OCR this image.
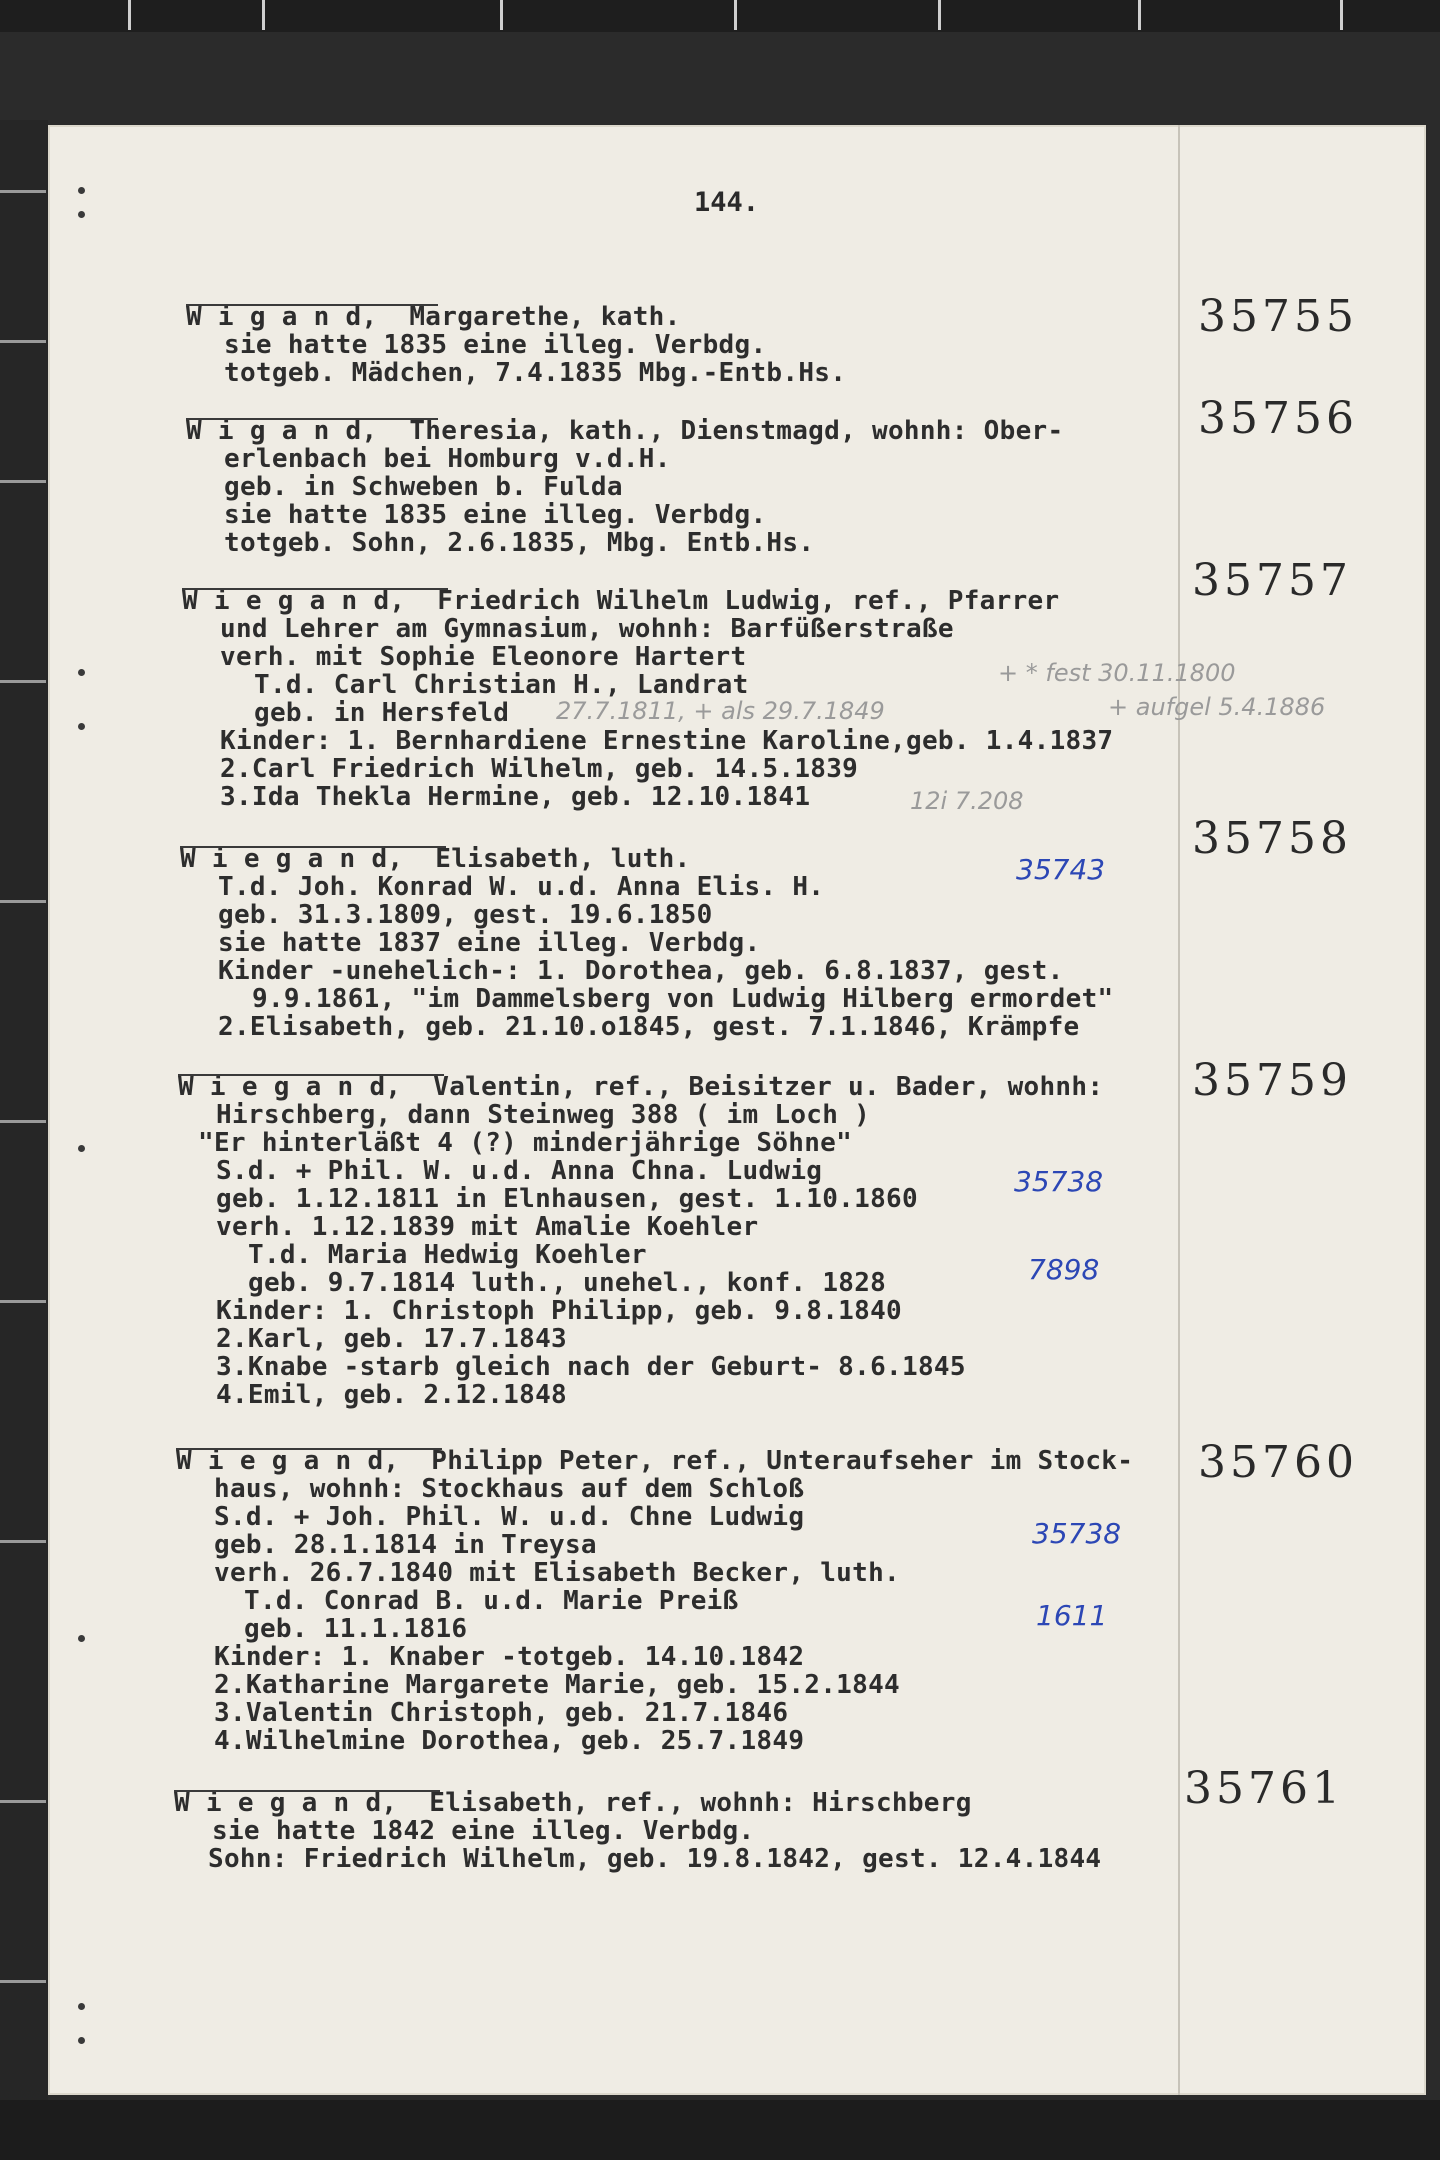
144.
W i g a n d,  Margarethe, kath.
sie hatte 1835 eine illeg. Verbdg.
totgeb. Mädchen, 7.4.1835 Mbg.-Entb.Hs.
35755
W i g a n d,  Theresia, kath., Dienstmagd, wohnh: Ober-
erlenbach bei Homburg v.d.H.
geb. in Schweben b. Fulda
sie hatte 1835 eine illeg. Verbdg.
totgeb. Sohn, 2.6.1835, Mbg. Entb.Hs.
35756
W i e g a n d,  Friedrich Wilhelm Ludwig, ref., Pfarrer
und Lehrer am Gymnasium, wohnh: Barfüßerstraße
verh. mit Sophie Eleonore Hartert
T.d. Carl Christian H., Landrat
geb. in Hersfeld
Kinder: 1. Bernhardiene Ernestine Karoline,geb. 1.4.1837
2.Carl Friedrich Wilhelm, geb. 14.5.1839
3.Ida Thekla Hermine, geb. 12.10.1841
27.7.1811, + als 29.7.1849
+ * fest 30.11.1800
+ aufgel 5.4.1886
12i 7.208
35757
W i e g a n d,  Elisabeth, luth.
T.d. Joh. Konrad W. u.d. Anna Elis. H.
geb. 31.3.1809, gest. 19.6.1850
sie hatte 1837 eine illeg. Verbdg.
Kinder -unehelich-: 1. Dorothea, geb. 6.8.1837, gest.
9.9.1861, "im Dammelsberg von Ludwig Hilberg ermordet"
2.Elisabeth, geb. 21.10.o1845, gest. 7.1.1846, Krämpfe
35743
35758
W i e g a n d,  Valentin, ref., Beisitzer u. Bader, wohnh:
Hirschberg, dann Steinweg 388 ( im Loch )
"Er hinterläßt 4 (?) minderjährige Söhne"
S.d. + Phil. W. u.d. Anna Chna. Ludwig
geb. 1.12.1811 in Elnhausen, gest. 1.10.1860
verh. 1.12.1839 mit Amalie Koehler
T.d. Maria Hedwig Koehler
geb. 9.7.1814 luth., unehel., konf. 1828
Kinder: 1. Christoph Philipp, geb. 9.8.1840
2.Karl, geb. 17.7.1843
3.Knabe -starb gleich nach der Geburt- 8.6.1845
4.Emil, geb. 2.12.1848
35738
7898
35759
W i e g a n d,  Philipp Peter, ref., Unteraufseher im Stock-
haus, wohnh: Stockhaus auf dem Schloß
S.d. + Joh. Phil. W. u.d. Chne Ludwig
geb. 28.1.1814 in Treysa
verh. 26.7.1840 mit Elisabeth Becker, luth.
T.d. Conrad B. u.d. Marie Preiß
geb. 11.1.1816
Kinder: 1. Knaber -totgeb. 14.10.1842
2.Katharine Margarete Marie, geb. 15.2.1844
3.Valentin Christoph, geb. 21.7.1846
4.Wilhelmine Dorothea, geb. 25.7.1849
35738
1611
35760
W i e g a n d,  Elisabeth, ref., wohnh: Hirschberg
sie hatte 1842 eine illeg. Verbdg.
Sohn: Friedrich Wilhelm, geb. 19.8.1842, gest. 12.4.1844
35761
